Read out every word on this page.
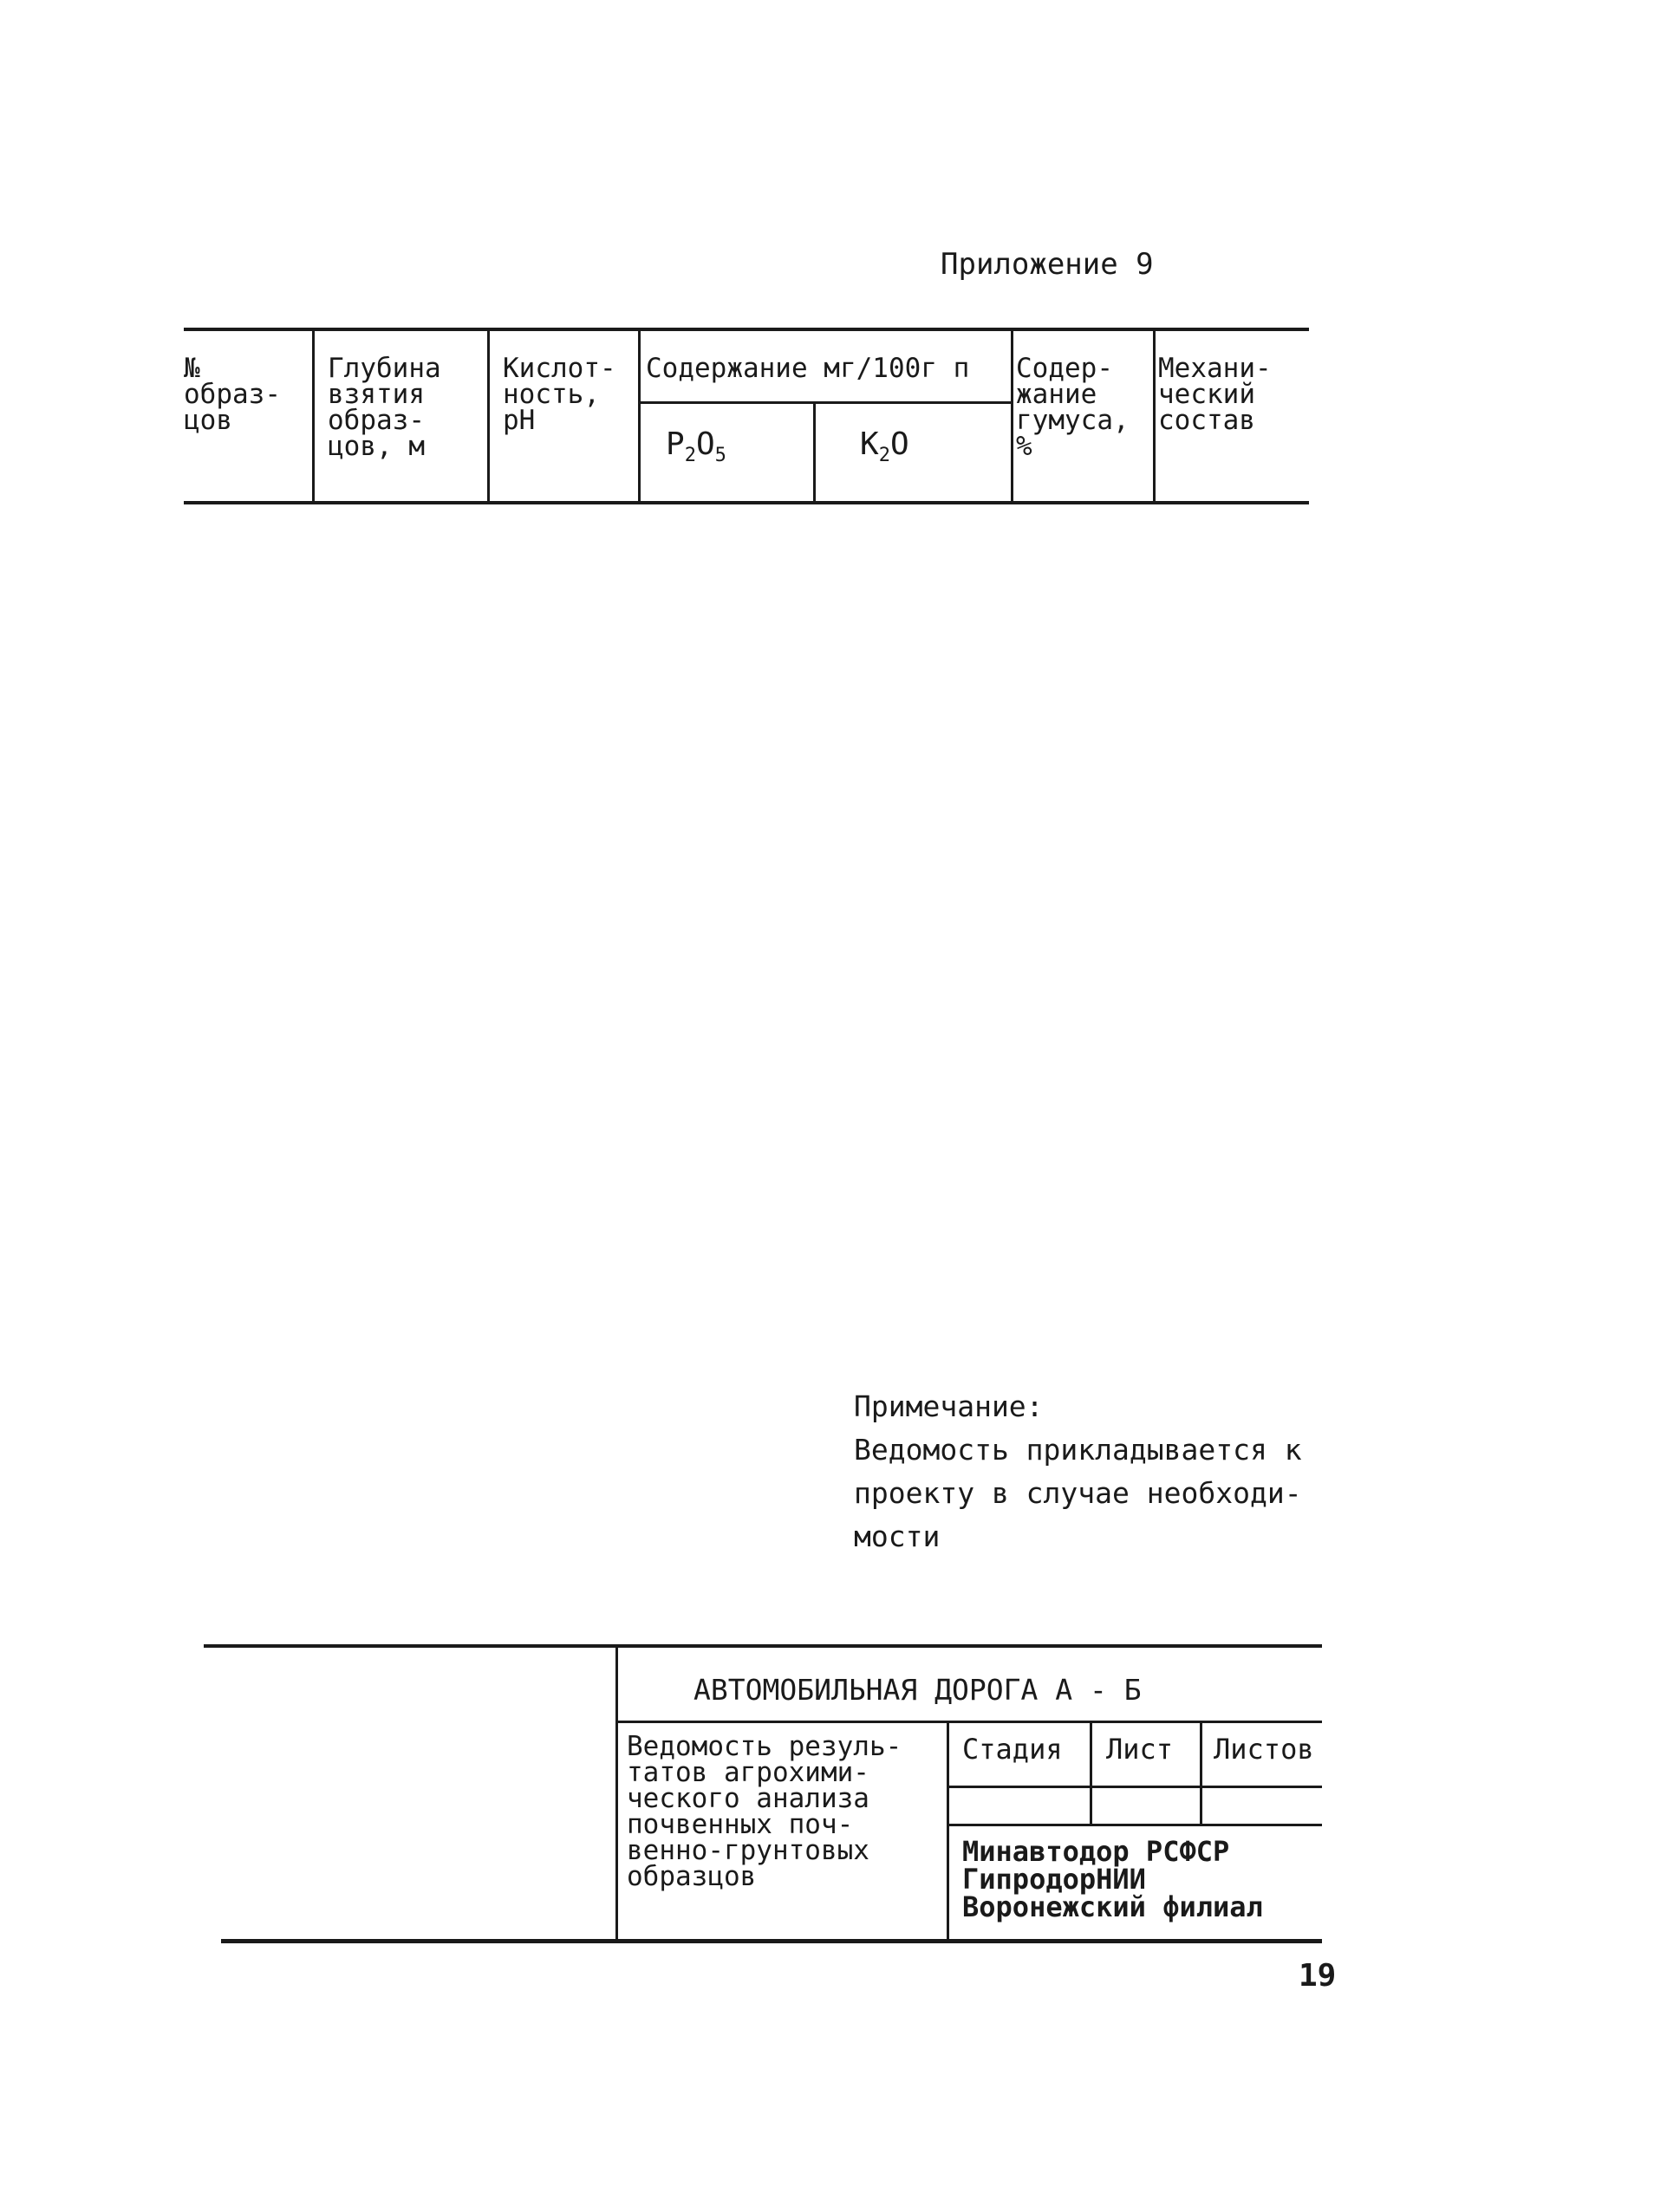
Приложение 9
№
образ-
цов
Глубина
взятия
образ-
цов, м
Кислот-
ность,
pH
Содержание мг/100г п
$P_2O_5$	$K_2O$
Содер-
жание
гумуса,
%
Механи-
ческий
состав
Примечание:
Ведомость прикладывается к
проекту в случае необходи-
мости
АВТОМОБИЛЬНАЯ ДОРОГА А - Б
Ведомость резуль-
татов агрохими-
ческого анализа
почвенных поч-
венно-грунтовых
образцов
Стадия Лист Листов
Минавтодор РСФСР
ГипродорНИИ
Воронежский филиал
19
